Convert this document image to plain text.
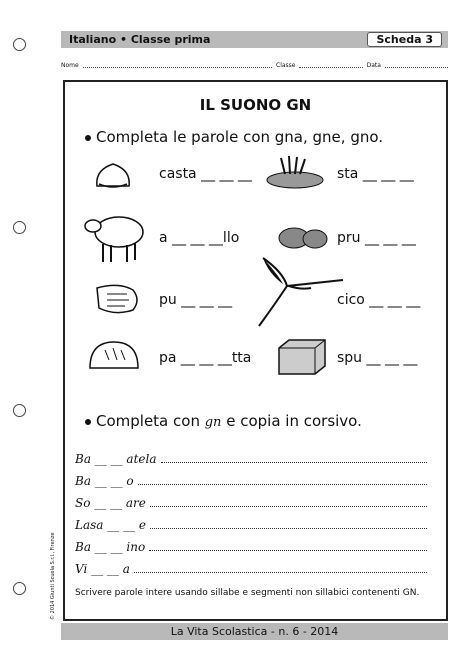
Italiano • Classe prima	Scheda 3
Nome	Classe	Data
IL SUONO GN
Completa le parole con gna, gne, gno.
casta __ __ __	sta __ __ __
a __ __ __llo	pru __ __ __
pu __ __ __	cico __ __ __
pa __ __ __tta	spu __ __ __
Completa con gn e copia in corsivo.
Ba __ __ atela
Ba __ __ o
So __ __ are
Lasa __ __ e
Ba __ __ ino
Vi __ __ a
Scrivere parole intere usando sillabe e segmenti non sillabici contenenti GN.
© 2014 Giunti Scuola S.r.l., Firenze
La Vita Scolastica - n. 6 - 2014
